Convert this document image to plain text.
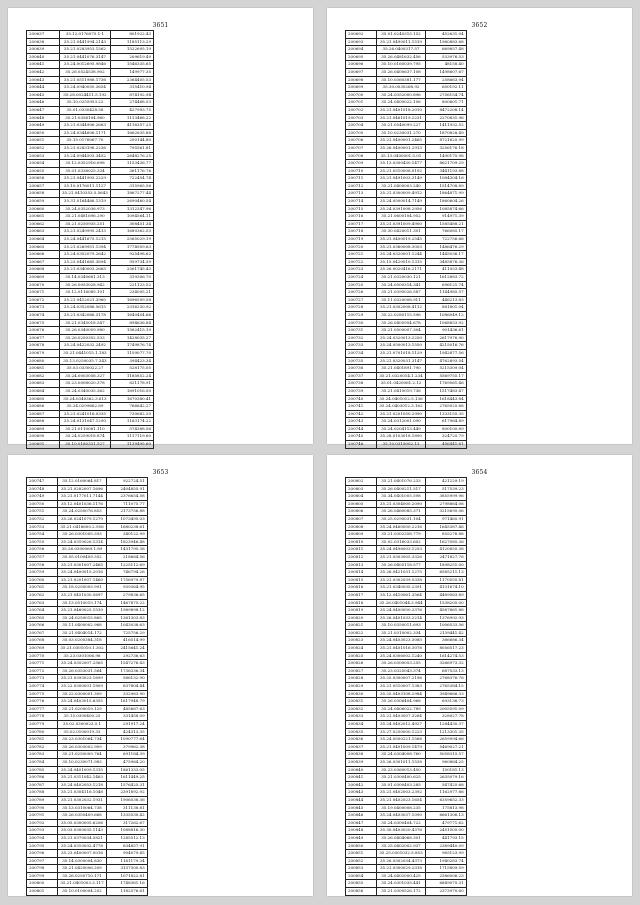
3651
200637	35.12.0176075.1-1	801922.43
200638	35.21.0441994.2143	1185113.29
200639	35.21.0283953.1562	1522695.19
200640	35.21.0441076.3147	209619.49
200641	35.24.0012695.9846	1546335.65
200642	35.26.0524538.902	149977.35
200643	35.21.0511986.1736	2364405.53
200644	35.24.0940050.3654	315410.94
200645	35.28.0024411.5.192	874192.94
200646	35.10.0255953.22	274468.53
200647	35.01.0330428.58	427993.75
200648	35.21.0356104.960	1113468.22
200649	35.21.0344906.2663	4116357.25
200650	35.24.0344606.1171	1662635.88
200651	35.15.0176067.70	250144.80
200652	35.21.0283196.2236	795561.81
200653	35.24.0944503.3452	2648276.25
200654	35.12.0352916.698	1153436.77
200655	35.01.0338025.334	361176.76
200656	35.21.0441993.2229	722454.74
200657	35.10.0176011.1127	315965.56
200658	35.21.0410353.5.5643	1867277.44
200659	35.31.0164466.1319	2690460.54
200660	35.24.0352036.973	1312347.96
200661	35.21.0481696.290	1094564.11
200662	35.21.0250935.251	308451.34
200663	35.21.0249995.2413	1680362.53
200664	35.24.0441675.1215	2565029.19
200665	35.21.0269951.1394	1774959.63
200666	35.24.0352079.2642	925498.62
200667	35.23.0441685.3694	959734.39
200668	35.21.0340003.2665	2561745.43
200669	35.14.0340681.313	319306.70
200670	35.26.0053028.942	221123.52
200671	35.12.0116085.101	234005.21
200672	35.21.0412021.3960	1696599.58
200673	35.24.0352086.5615	2316230.92
200674	35.21.0342066.3178	1640454.66
200675	35.21.0345018.547	894636.84
200676	35.26.0340059.980	1562415.19
200677	35.26.0250352.533	1428035.27
200678	35.24.0422032.2492	1749876.74
200679	35.21.0441015.1.183	1159077.70
200680	35.13.0250035.7.343	394423.34
200681	35.03.0330022.27	528175.05
200682	35.24.0003058.327	1185852.24
200683	35.23.0008020.378	821178.91
200684	35.24.0340035.362	1691016.50
200685	35.24.0340362.3.613	1670380.41
200686	35.24.0299662.89	766642.27
200687	35.21.0241016.0335	730682.20
200688	35.24.0131047.1290	1163174.22
200689	35.21.0110081.110	574388.56
200690	35.24.0259018.874	1117119.60
200691	35.10.0180331.527	1139495.60
3652
200692	35.01.0240315.152	452631.04
200693	35.21.0490011.1519	1960883.68
200694	35.26.0400317.57	669857.48
200695	35.26.0481632.456	533976.53
200696	35.10.0160039.795	48158.40
200697	35.26.0400637.108	1498607.67
200698	35.10.0360381.177	258663.94
200699	35.30.0030268.92	650192.11
200700	35.24.0352000.896	2756154.74
200701	35.24.0400022.106	800601.71
200702	35.21.0401018.2010	8472208.14
200703	35.21.0461019.2231	2270831.96
200704	35.21.0540099.227	1411932.52
200705	35.10.0230031.270	1870828.49
200706	35.21.0400001.2465	8721625.99
200707	35.26.0400001.2913	3256176.18
200708	35.13.0400001.5.01	1490175.98
200709	35.13.0300430.1477	8621709.29
200710	35.21.0510008.0192	3441193.88
200711	35.21.0491003.3149	1084304.16
200712	35.21.0400003.240	1514708.89
200713	35.21.0300009.4912	1864871.99
200714	35.24.0500014.7149	1860604.26
200715	35.24.0391008.2956	1085874.66
200716	35.21.0600104.952	914971.39
200717	35.21.0391009.4900	1585488.21
200718	35.30.0420011.301	766085.17
200719	35.21.0400019.2545	722756.66
200720	35.21.0360008.3003	1486476.29
200721	35.24.0320001.1244	1445036.17
200722	35.15.0420010.1315	3485876.36
200723	35.26.0020416.2171	411053.48
200724	35.21.0320030.121	1612883.72
200725	35.24.0500314.341	696121.74
200726	35.21.0395026.587	1144985.57
200727	35.11.0320008.911	446213.83
200728	35.21.0302008.4112	881801.04
200729	35.22.0280115.596	1086049.12
200730	35.26.0405954.678	1068853.92
200731	35.21.0500007.304	901436.61
200732	35.24.0320013.2250	2617976.90
200733	35.24.0500013.1550	4215016.76
200734	35.21.0701018.1129	1942877.56
200735	35.21.0320031.3147	4762893.54
200736	35.21.0401891.790	5215309.04
200737	35.21.0320014.1.234	5569755.17
200738	35.01.0420061.2.12	1769561.46
200739	35.21.0410019.736	1517483.47
200740	35.24.0401012.5.136	1618443.84
200741	35.24.0403012.3.162	2765025.68
200742	35.21.0201050.2990	1333155.35
200743	35.24.0312001.090	617964.89
200744	35.24.0204113.449	800100.89
200745	35.28.0103018.1890	324725.79
200746	35.10.0319002.13	456441.61
3653
200747	35.12.0160064.817	922724.51
200748	35.21.0282007.1696	2404855.91
200749	35.21.0177011.7144	2376654.58
200750	35.12.0401036.1176	711075.77
200751	35.24.0250076.853	2173756.88
200752	35.26.0241079.1279	1073495.03
200753	35.21.0416600.2.956	1680238.61
200754	35.26.0301005.393	340122.99
200755	35.24.0310026.1314	1823946.48
200756	35.26.0300069.1.89	1431795.38
200757	35.05.0100409.352	218664.56
200758	35.21.0301007.2465	1225112.69
200759	35.24.0400015.2016	746794.26
200760	35.21.0201007.1460	1756979.87
200761	35.18.0250005.991	939364.95
200762	35.21.0451030.5697	279836.65
200763	35.13.0510015.174	1467875.22
200764	35.21.0460025.1539	1989898.12
200765	35.24.0250015.865	1361303.83
200766	35.11.0400002.968	1043038.63
200767	35.21.0404014.172	725756.29
200768	35.03.0200384.318	416514.99
200769	35.21.0301010.1.302	2415641.24
200770	35.23.0301006.96	292736.63
200771	35.24.0352007.2565	1547276.43
200772	35.26.0353031.564	1736336.34
200773	35.21.0393023.1699	566132.90
200774	35.22.0300001.1809	637804.44
200775	35.22.0300001.309	332963.90
200776	35.24.0403015.6355	1617948.79
200777	35.21.0200019.129	485667.63
200778	35.15.0300400.25	331458.09
200779	35.02.0300023.5.1	291917.24
200780	35.02.0100019.33	424313.35
200781	35.23.0301064.734	1090777.64
200782	35.26.0303002.909	379962.38
200783	35.21.0250009.764	691184.39
200784	35.10.0230071.983	475964.20
200785	35.24.0401009.1315	1861333.05
200786	35.21.0311042.1463	1611449.25
200787	35.24.0402053.1218	1576425.31
200788	35.21.0304116.1048	2391892.92
200789	35.21.0302032.1931	1906538.36
200790	35.13.0310064.738	311138.81
200791	35.26.0350409.668	1335530.42
200792	35.05.0300005.6206	317262.67
200793	35.03.0300035.1143	1088816.30
200794	35.21.0370034.5821	1285512.13
200795	35.24.0310032.4778	634857.91
200796	35.23.0400007.0016	904079.45
200797	35.14.0300004.830	1161179.34
200798	35.21.0420006.209	3137300.83
200799	35.26.0250710.171	1071822.81
200800	35.21.0401003.3.117	1748361.16
200801	35.10.0100004.252	1182576.61
3654
200802	35.21.0401076.233	421229.19
200803	35.26.0400211.517	517539.23
200804	35.34.0401005.598	3855999.96
200805	35.21.0304000.2090	2798864.08
200806	35.26.0460085.371	3215695.06
200807	35.25.0290031.104	971465.91
200808	35.24.0460050.2216	1645387.46
200809	35.21.0302358.779	855276.88
200810	35.02.0316033.602	1627085.36
200811	35.24.0496003.1253	4120855.38
200812	35.21.0303005.3326	2471827.76
200813	35.26.0405118.577	1898251.00
200814	35.26.0421031.1275	6585211.13
200815	35.21.0302039.5338	1170555.81
200816	35.21.0340035.2391	4131674.10
200817	35.12.0410061.3564	4489563.89
200818	35.26.0401044.3.944	1538205.00
200819	35.24.0400050.2376	4587861.88
200820	35.26.0401033.2214	1376992.93
200821	35.10.0350011.693	1006533.56
200822	35.21.0310002.334	2139441.42
200823	35.24.0403023.3085	386686.34
200824	35.21.0401016.3078	8056517.23
200825	35.24.0306002.1240	1614274.53
200826	35.26.0300053.255	3266973.32
200827	35.23.0325043.374	687533.13
200828	35.25.0300007.2196	2768376.76
200829	35.21.0510007.1383	2765384.15
200830	35.25.0403108.2984	3949666.33
200831	35.26.0306404.968	693136.73
200832	35.24.0406022.789	2005591.09
200833	35.21.0403007.3264	328027.78
200834	35.24.0402012.4927	1284430.37
200835	35.27.0250000.1223	1213301.35
200836	35.24.0500221.1566	2659994.66
200837	35.21.0401009.1479	5469027.21
200838	35.24.0304008.760	5058315.57
200839	35.26.0301011.1538	960864.25
200840	35.23.0360013.450	150181.13
200841	35.21.0300400.625	2635079.16
200842	35.01.0300403.285	547425.68
200843	35.21.0402003.2392	1162977.86
200844	35.21.0402023.1654	6359652.33
200845	35.19.0400008.235	175813.98
200846	35.24.0403037.1090	6661306.13
200847	35.24.0300404.722	479771.62
200848	35.30.0403020.4376	2451505.00
200849	35.26.0404068.301	441793.15
200850	35.25.0402002.937	2389440.09
200851	35.25.0301032.5.853	965123.99
200852	35.26.0302034.4373	1940283.74
200853	35.21.0300029.2318	1715809.59
200854	35.24.0402000.425	2586006.23
200855	35.24.0301035.441	6849075.31
200856	35.21.0300526.172	2373970.60
